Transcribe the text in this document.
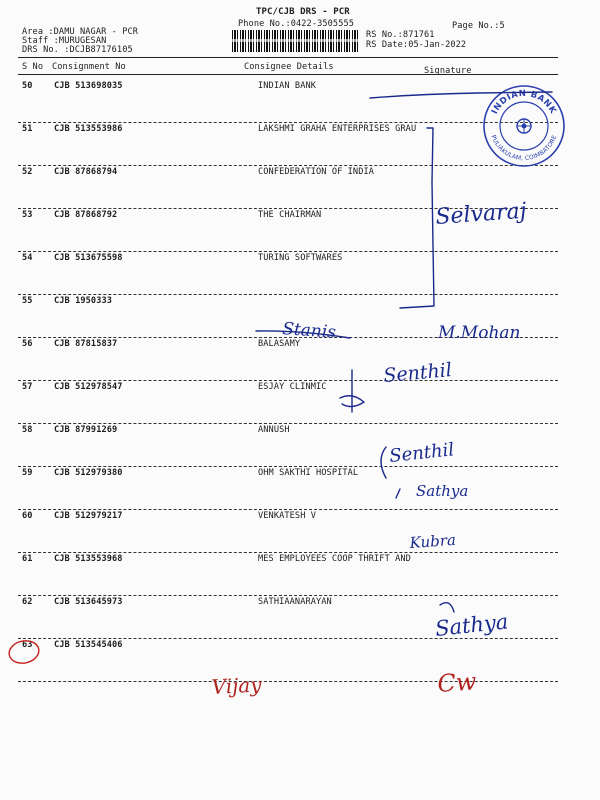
TPC/CJB DRS - PCR
Phone No.:0422-3505555	Page No.:5
Area :DAMU NAGAR - PCR
Staff :MURUGESAN
DRS No. :DCJB87176105
RS No.:871761
RS Date:05-Jan-2022
S No Consignment No	Consignee Details	Signature
50 CJB 513698035	INDIAN BANK
51 CJB 513553986	LAKSHMI GRAHA ENTERPRISES GRAU
52 CJB 87868794	CONFEDERATION OF INDIA
53 CJB 87868792	THE CHAIRMAN
54 CJB 513675598	TURING SOFTWARES
55 CJB 1950333
56 CJB 87815837	BALASAMY
57 CJB 512978547	ESJAY CLINMIC
58 CJB 87991269	ANNUSH
59 CJB 512979380	OHM SAKTHI HOSPITAL
60 CJB 512979217	VENKATESH V
61 CJB 513553968	MES EMPLOYEES COOP THRIFT AND
62 CJB 513645973	SATHIAANARAYAN
63 CJB 513545406
INDIAN BANK
PULIAKULAM, COIMBATORE
Selvaraj
Stanis	M.Mohan
Senthil
Senthil
Sathya
Kubra
Sathya
Vijay	Cw
